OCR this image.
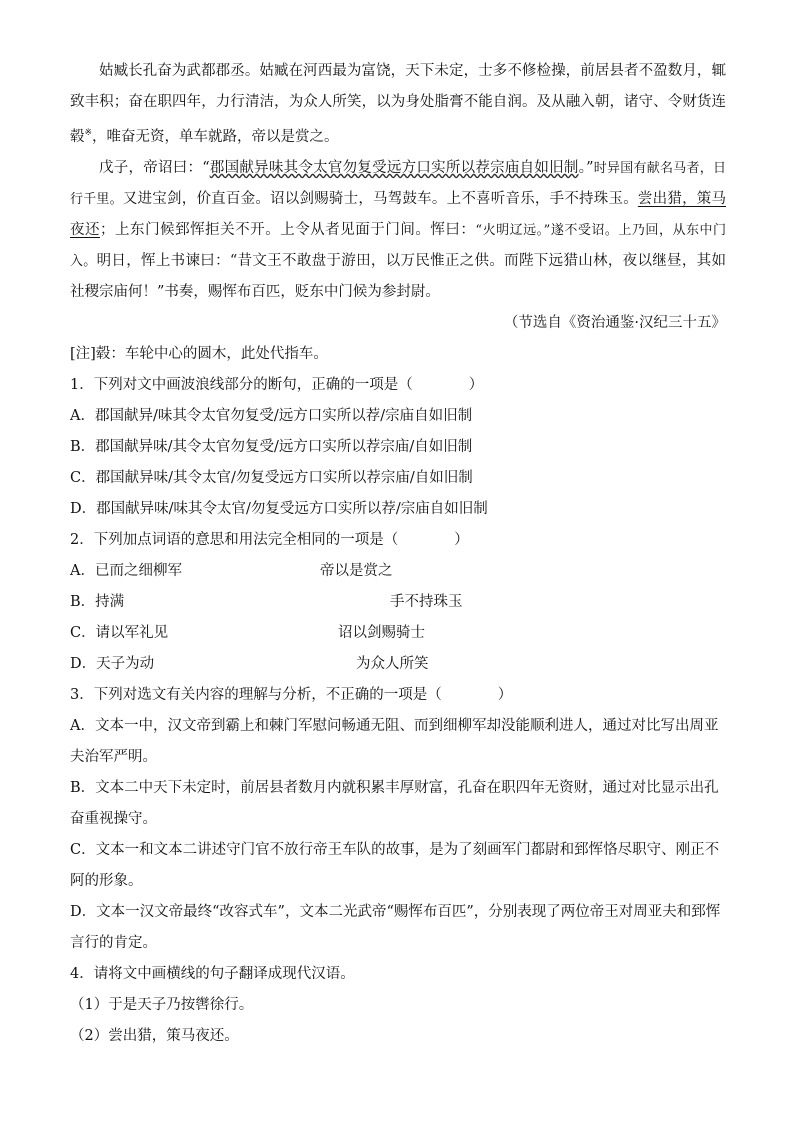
姑臧长孔奋为武都郡丞。姑臧在河西最为富饶，天下未定，士多不修检操，前居县者不盈数月，辄致丰积；奋在职四年，力行清洁，为众人所笑，以为身处脂膏不能自润。及从融入朝，诸守、令财货连毂※，唯奋无资，单车就路，帝以是赏之。

戊子，帝诏曰：“郡国献异味其令太官勿复受远方口实所以荐宗庙自如旧制。”时异国有献名马者，日行千里。又进宝剑，价直百金。诏以剑赐骑士，马驾鼓车。上不喜听音乐，手不持珠玉。尝出猎，策马夜还；上东门候郅恽拒关不开。上令从者见面于门间。恽曰：“火明辽远。”遂不受诏。上乃回，从东中门入。明日，恽上书谏曰：“昔文王不敢盘于游田，以万民惟正之供。而陛下远猎山林，夜以继昼，其如社稷宗庙何！”书奏，赐恽布百匹，贬东中门候为参封尉。

（节选自《资治通鉴·汉纪三十五》

[注]毂：车轮中心的圆木，此处代指车。

1．下列对文中画波浪线部分的断句，正确的一项是（	）

A．郡国献异/味其令太官勿复受/远方口实所以荐/宗庙自如旧制

B．郡国献异味/其令太官勿复受/远方口实所以荐宗庙/自如旧制

C．郡国献异味/其令太官/勿复受远方口实所以荐宗庙/自如旧制

D．郡国献异味/味其令太官/勿复受远方口实所以荐/宗庙自如旧制

2．下列加点词语的意思和用法完全相同的一项是（	）

A．已而之细柳军	帝以是赏之
B．持满	手不持珠玉
C．请以军礼见	诏以剑赐骑士
D．天子为动	为众人所笑

3．下列对选文有关内容的理解与分析，不正确的一项是（	）

A．文本一中，汉文帝到霸上和棘门军慰问畅通无阻、而到细柳军却没能顺利进人，通过对比写出周亚夫治军严明。

B．文本二中天下未定时，前居县者数月内就积累丰厚财富，孔奋在职四年无资财，通过对比显示出孔奋重视操守。

C．文本一和文本二讲述守门官不放行帝王车队的故事，是为了刻画军门都尉和郅恽恪尽职守、刚正不阿的形象。

D．文本一汉文帝最终“改容式车”，文本二光武帝“赐恽布百匹”，分别表现了两位帝王对周亚夫和郅恽言行的肯定。

4．请将文中画横线的句子翻译成现代汉语。

（1）于是天子乃按辔徐行。

（2）尝出猎，策马夜还。
